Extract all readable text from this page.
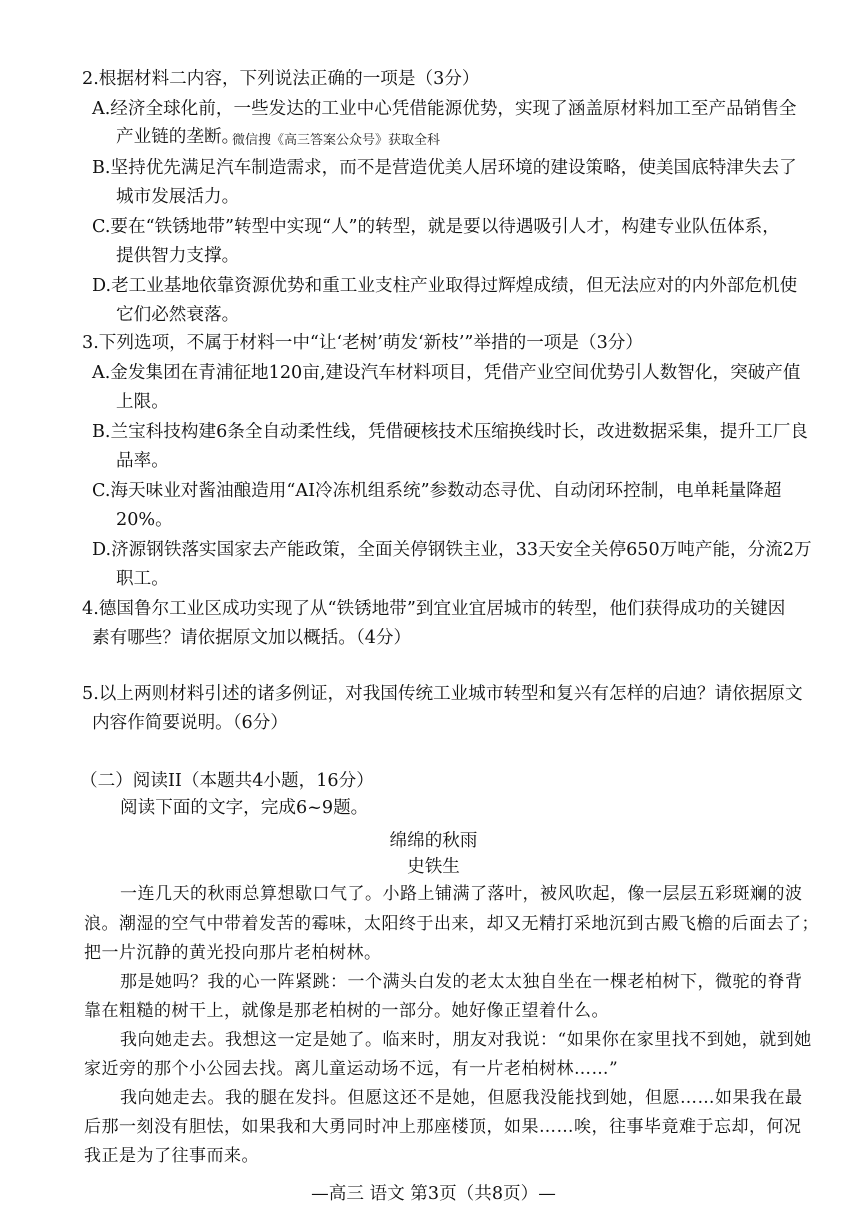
2.根据材料二内容，下列说法正确的一项是（3分）
A.经济全球化前，一些发达的工业中心凭借能源优势，实现了涵盖原材料加工至产品销售全
产业链的垄断。
微信搜《高三答案公众号》获取全科
B.坚持优先满足汽车制造需求，而不是营造优美人居环境的建设策略，使美国底特津失去了
城市发展活力。
C.要在“铁锈地带”转型中实现“人”的转型，就是要以待遇吸引人才，构建专业队伍体系，
提供智力支撑。
D.老工业基地依靠资源优势和重工业支柱产业取得过辉煌成绩，但无法应对的内外部危机使
它们必然衰落。
3.下列选项，不属于材料一中“让‘老树’萌发‘新枝’”举措的一项是（3分）
A.金发集团在青浦征地120亩,建设汽车材料项目，凭借产业空间优势引人数智化，突破产值
上限。
B.兰宝科技构建6条全自动柔性线，凭借硬核技术压缩换线时长，改进数据采集，提升工厂良
品率。
C.海天味业对酱油酿造用“AI冷冻机组系统”参数动态寻优、自动闭环控制，电单耗量降超
20%。
D.济源钢铁落实国家去产能政策，全面关停钢铁主业，33天安全关停650万吨产能，分流2万
职工。
4.德国鲁尔工业区成功实现了从“铁锈地带”到宜业宜居城市的转型，他们获得成功的关键因
素有哪些？请依据原文加以概括。（4分）
5.以上两则材料引述的诸多例证，对我国传统工业城市转型和复兴有怎样的启迪？请依据原文
内容作简要说明。（6分）
（二）阅读II（本题共4小题，16分）
阅读下面的文字，完成6~9题。
绵绵的秋雨
史铁生
一连几天的秋雨总算想歇口气了。小路上铺满了落叶，被风吹起，像一层层五彩斑斓的波
浪。潮湿的空气中带着发苦的霉味，太阳终于出来，却又无精打采地沉到古殿飞檐的后面去了；
把一片沉静的黄光投向那片老柏树林。
那是她吗？我的心一阵紧跳：一个满头白发的老太太独自坐在一棵老柏树下，微驼的脊背
靠在粗糙的树干上，就像是那老柏树的一部分。她好像正望着什么。
我向她走去。我想这一定是她了。临来时，朋友对我说：“如果你在家里找不到她，就到她
家近旁的那个小公园去找。离儿童运动场不远，有一片老柏树林……”
我向她走去。我的腿在发抖。但愿这还不是她，但愿我没能找到她，但愿……如果我在最
后那一刻没有胆怯，如果我和大勇同时冲上那座楼顶，如果……唉，往事毕竟难于忘却，何况
我正是为了往事而来。
—高三 语文 第3页（共8页）—
